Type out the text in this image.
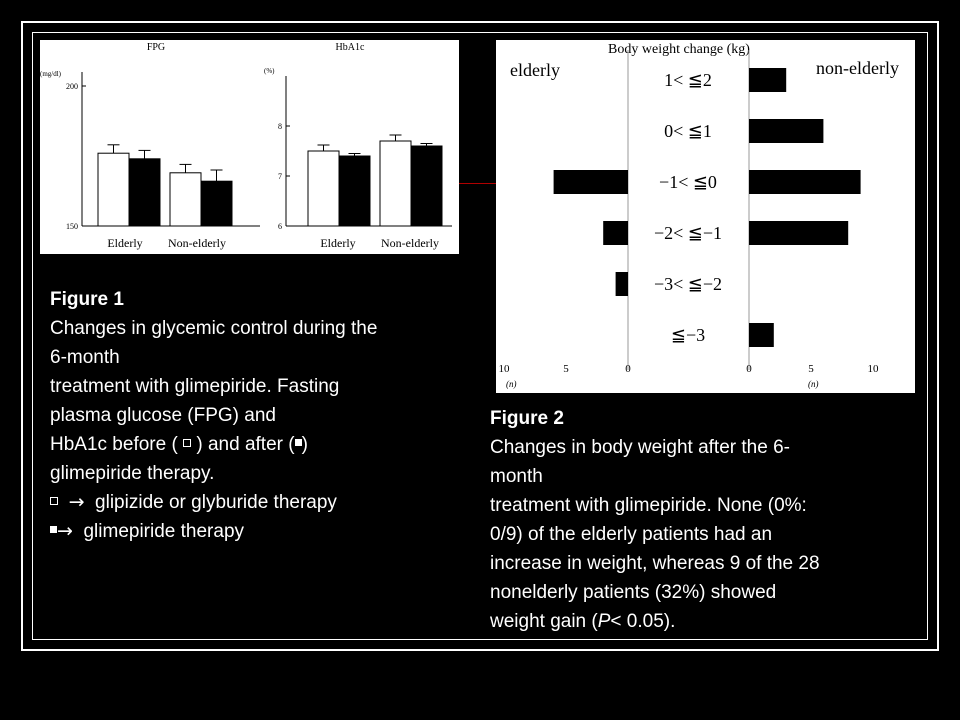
FPG
(mg/dl)
150
200
Elderly Non-elderly
HbA1c
(%)
6
7
8
Elderly Non-elderly
Body weight change (kg)
elderly	non-elderly
1< ≦2
0< ≦1
−1< ≦0
−2< ≦−1
−3< ≦−2
≦−3
10	5	0	0	5	10
(n)	(n)
Figure 1
Changes in glycemic control during the
6-month
treatment with glimepiride. Fasting
plasma glucose (FPG) and
HbA1c before ( ) and after ( )
glimepiride therapy.
→ glipizide or glyburide therapy
→ glimepiride therapy
Figure 2
Changes in body weight after the 6-
month
treatment with glimepiride. None (0%:
0/9) of the elderly patients had an
increase in weight, whereas 9 of the 28
nonelderly patients (32%) showed
weight gain (P< 0.05).
